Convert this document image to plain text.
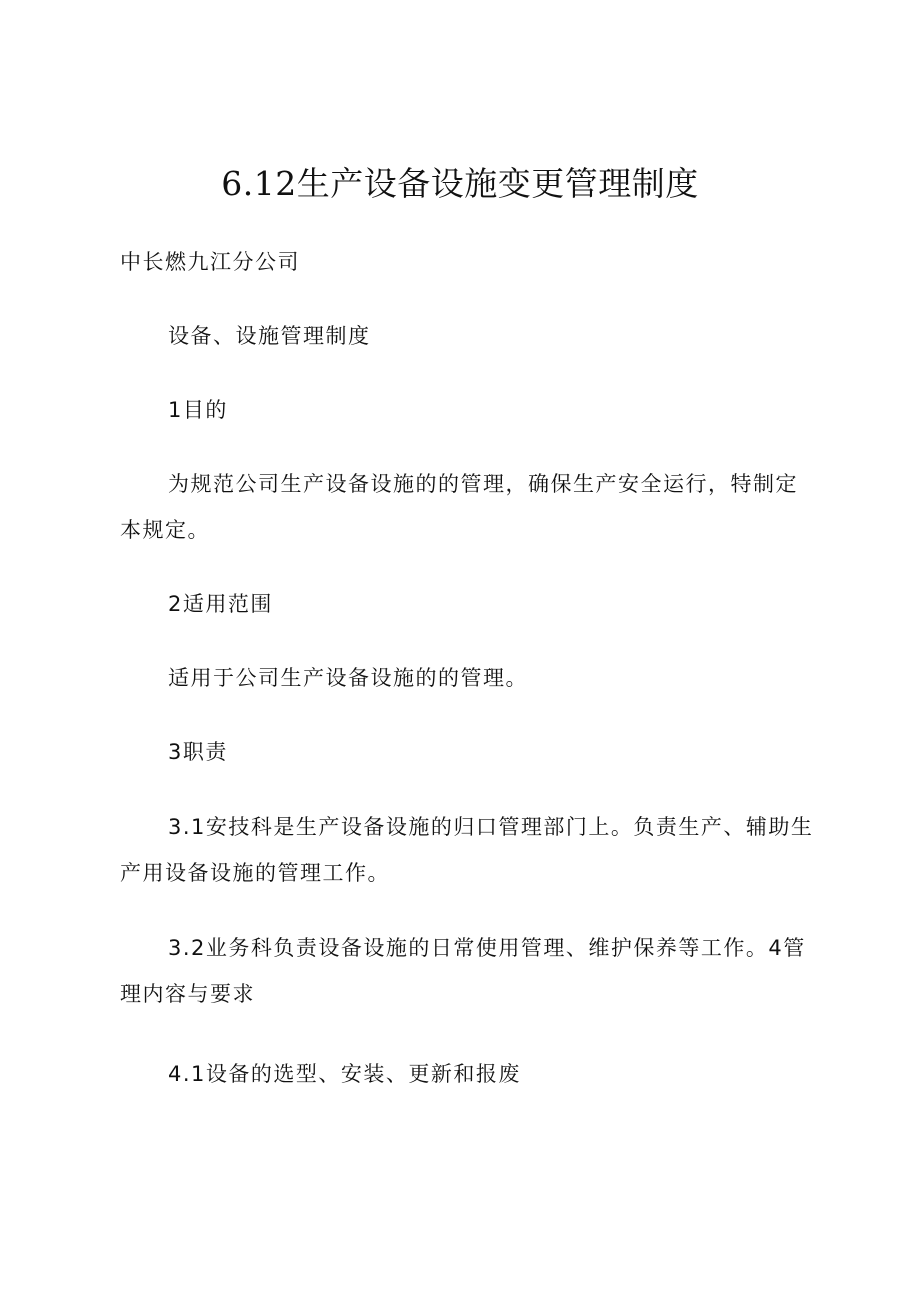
6.12生产设备设施变更管理制度

中长燃九江分公司

设备、设施管理制度

1目的

为规范公司生产设备设施的的管理，确保生产安全运行，特制定本规定。

2适用范围

适用于公司生产设备设施的的管理。

3职责

3.1安技科是生产设备设施的归口管理部门上。负责生产、辅助生产用设备设施的管理工作。

3.2业务科负责设备设施的日常使用管理、维护保养等工作。4管理内容与要求

4.1设备的选型、安装、更新和报废
